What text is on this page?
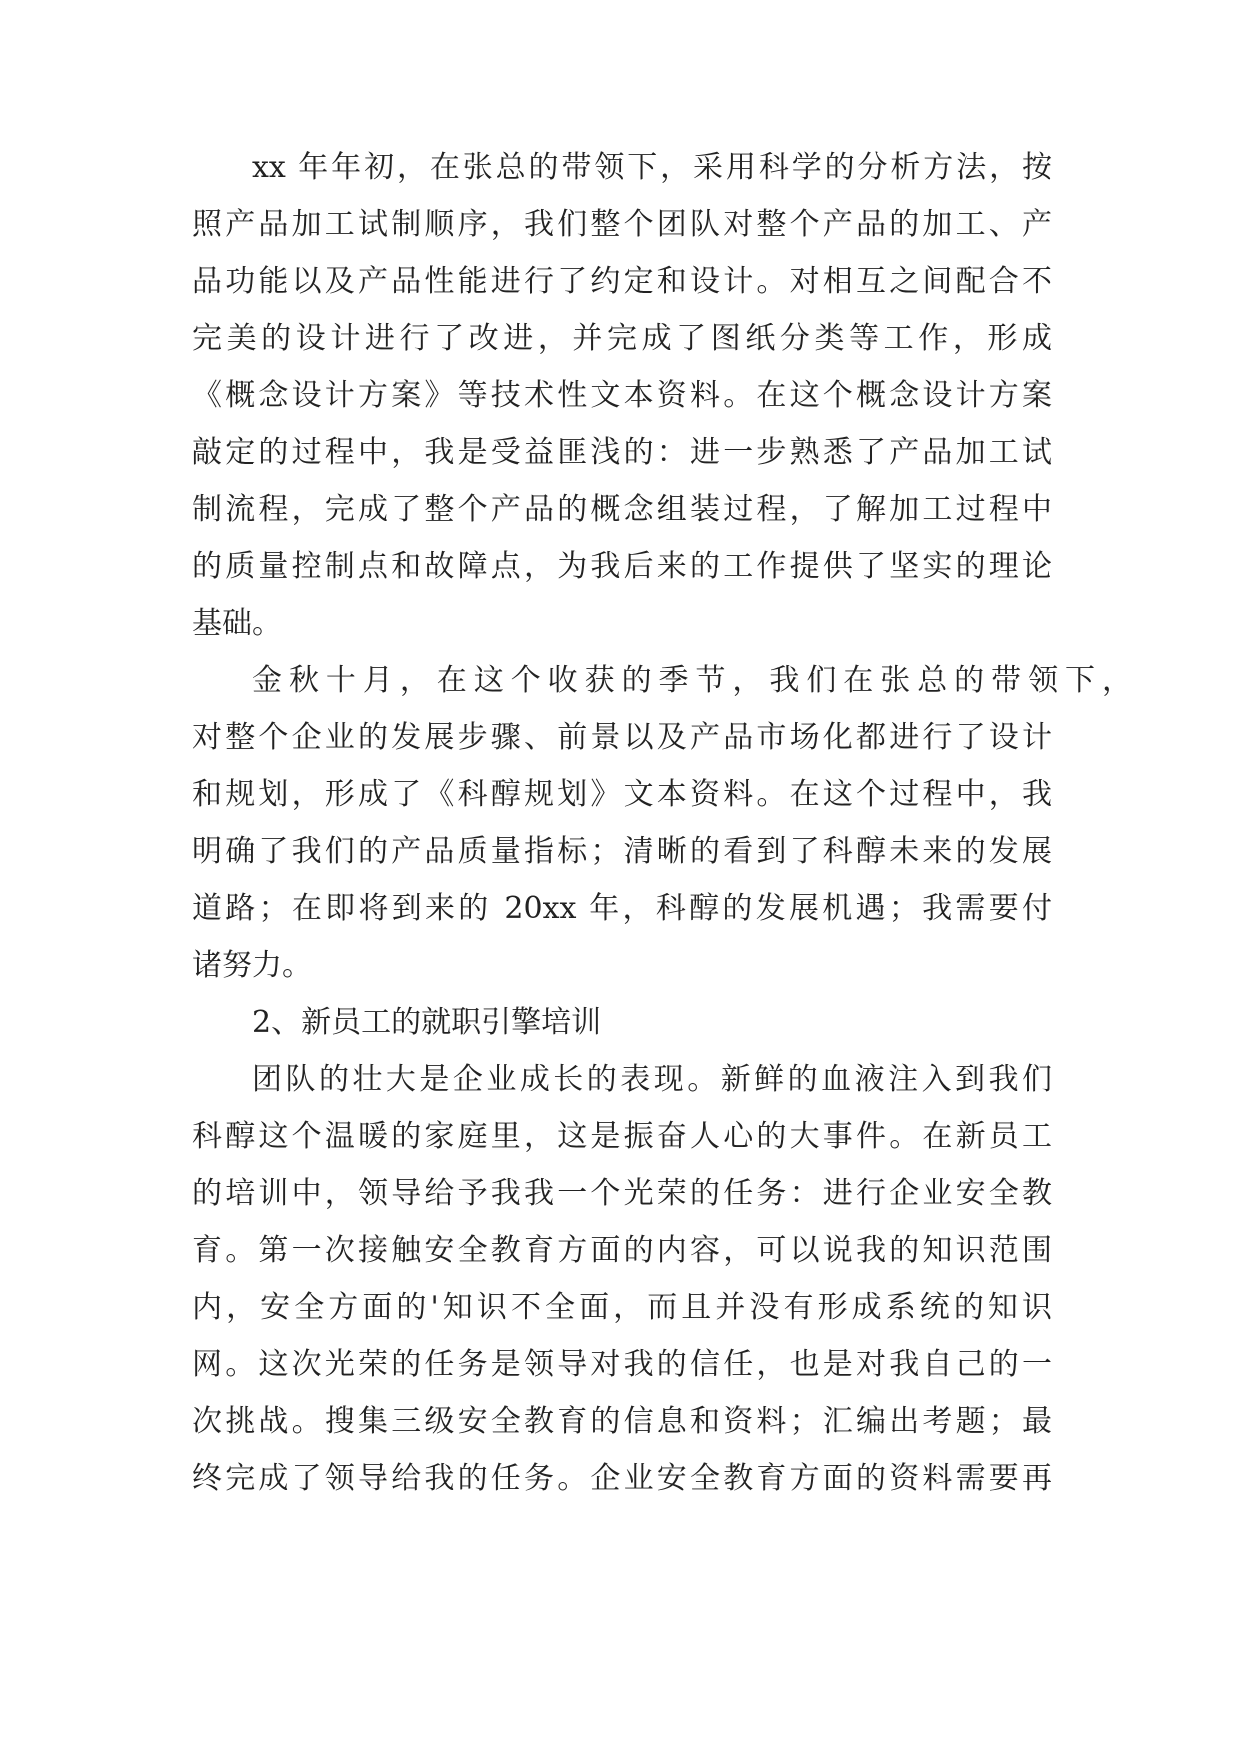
xx 年年初，在张总的带领下，采用科学的分析方法，按
照产品加工试制顺序，我们整个团队对整个产品的加工、产
品功能以及产品性能进行了约定和设计。对相互之间配合不
完美的设计进行了改进，并完成了图纸分类等工作，形成
《概念设计方案》等技术性文本资料。在这个概念设计方案
敲定的过程中，我是受益匪浅的：进一步熟悉了产品加工试
制流程，完成了整个产品的概念组装过程，了解加工过程中
的质量控制点和故障点，为我后来的工作提供了坚实的理论
基础。
金秋十月，在这个收获的季节，我们在张总的带领下，
对整个企业的发展步骤、前景以及产品市场化都进行了设计
和规划，形成了《科醇规划》文本资料。在这个过程中，我
明确了我们的产品质量指标；清晰的看到了科醇未来的发展
道路；在即将到来的 20xx 年，科醇的发展机遇；我需要付
诸努力。
2、新员工的就职引擎培训
团队的壮大是企业成长的表现。新鲜的血液注入到我们
科醇这个温暖的家庭里，这是振奋人心的大事件。在新员工
的培训中，领导给予我我一个光荣的任务：进行企业安全教
育。第一次接触安全教育方面的内容，可以说我的知识范围
内，安全方面的'知识不全面，而且并没有形成系统的知识
网。这次光荣的任务是领导对我的信任，也是对我自己的一
次挑战。搜集三级安全教育的信息和资料；汇编出考题；最
终完成了领导给我的任务。企业安全教育方面的资料需要再
